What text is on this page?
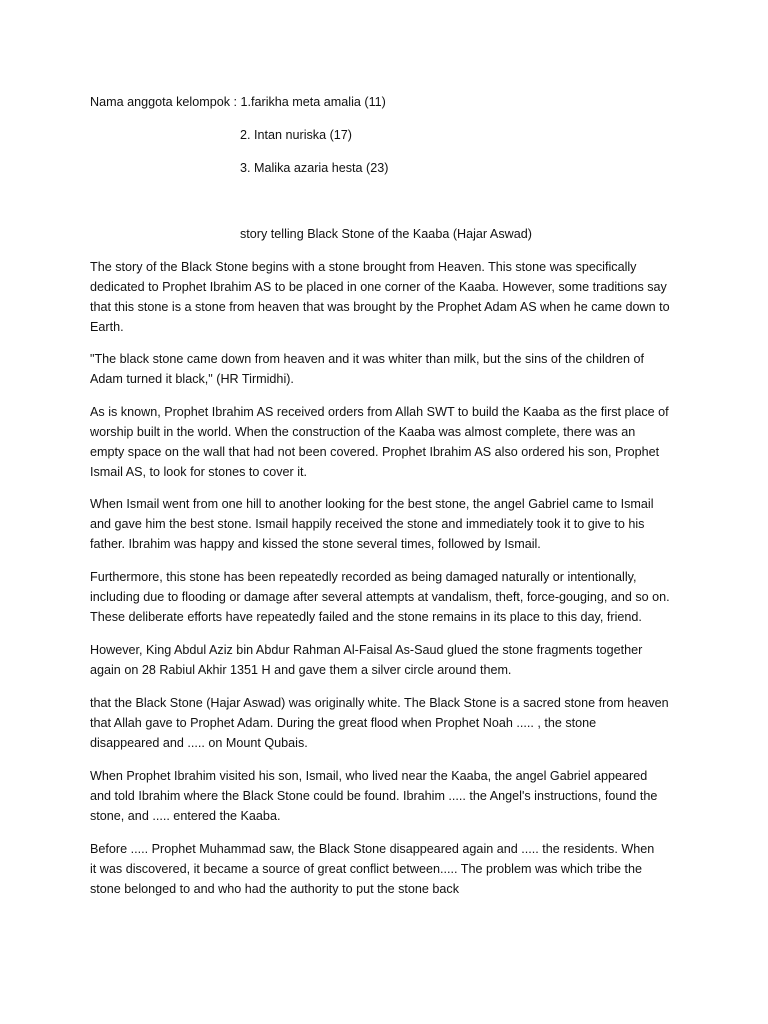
Nama anggota kelompok : 1.farikha meta amalia (11)
2. Intan nuriska (17)
3. Malika azaria hesta (23)
story telling Black Stone of the Kaaba (Hajar Aswad)

The story of the Black Stone begins with a stone brought from Heaven. This stone was specifically
dedicated to Prophet Ibrahim AS to be placed in one corner of the Kaaba. However, some traditions say
that this stone is a stone from heaven that was brought by the Prophet Adam AS when he came down to
Earth.

"The black stone came down from heaven and it was whiter than milk, but the sins of the children of
Adam turned it black," (HR Tirmidhi).

As is known, Prophet Ibrahim AS received orders from Allah SWT to build the Kaaba as the first place of
worship built in the world. When the construction of the Kaaba was almost complete, there was an
empty space on the wall that had not been covered. Prophet Ibrahim AS also ordered his son, Prophet
Ismail AS, to look for stones to cover it.

When Ismail went from one hill to another looking for the best stone, the angel Gabriel came to Ismail
and gave him the best stone. Ismail happily received the stone and immediately took it to give to his
father. Ibrahim was happy and kissed the stone several times, followed by Ismail.

Furthermore, this stone has been repeatedly recorded as being damaged naturally or intentionally,
including due to flooding or damage after several attempts at vandalism, theft, force-gouging, and so on.
These deliberate efforts have repeatedly failed and the stone remains in its place to this day, friend.

However, King Abdul Aziz bin Abdur Rahman Al-Faisal As-Saud glued the stone fragments together
again on 28 Rabiul Akhir 1351 H and gave them a silver circle around them.

that the Black Stone (Hajar Aswad) was originally white. The Black Stone is a sacred stone from heaven
that Allah gave to Prophet Adam. During the great flood when Prophet Noah ..... , the stone
disappeared and ..... on Mount Qubais.

When Prophet Ibrahim visited his son, Ismail, who lived near the Kaaba, the angel Gabriel appeared
and told Ibrahim where the Black Stone could be found. Ibrahim ..... the Angel's instructions, found the
stone, and ..... entered the Kaaba.

Before ..... Prophet Muhammad saw, the Black Stone disappeared again and ..... the residents. When
it was discovered, it became a source of great conflict between..... The problem was which tribe the
stone belonged to and who had the authority to put the stone back
